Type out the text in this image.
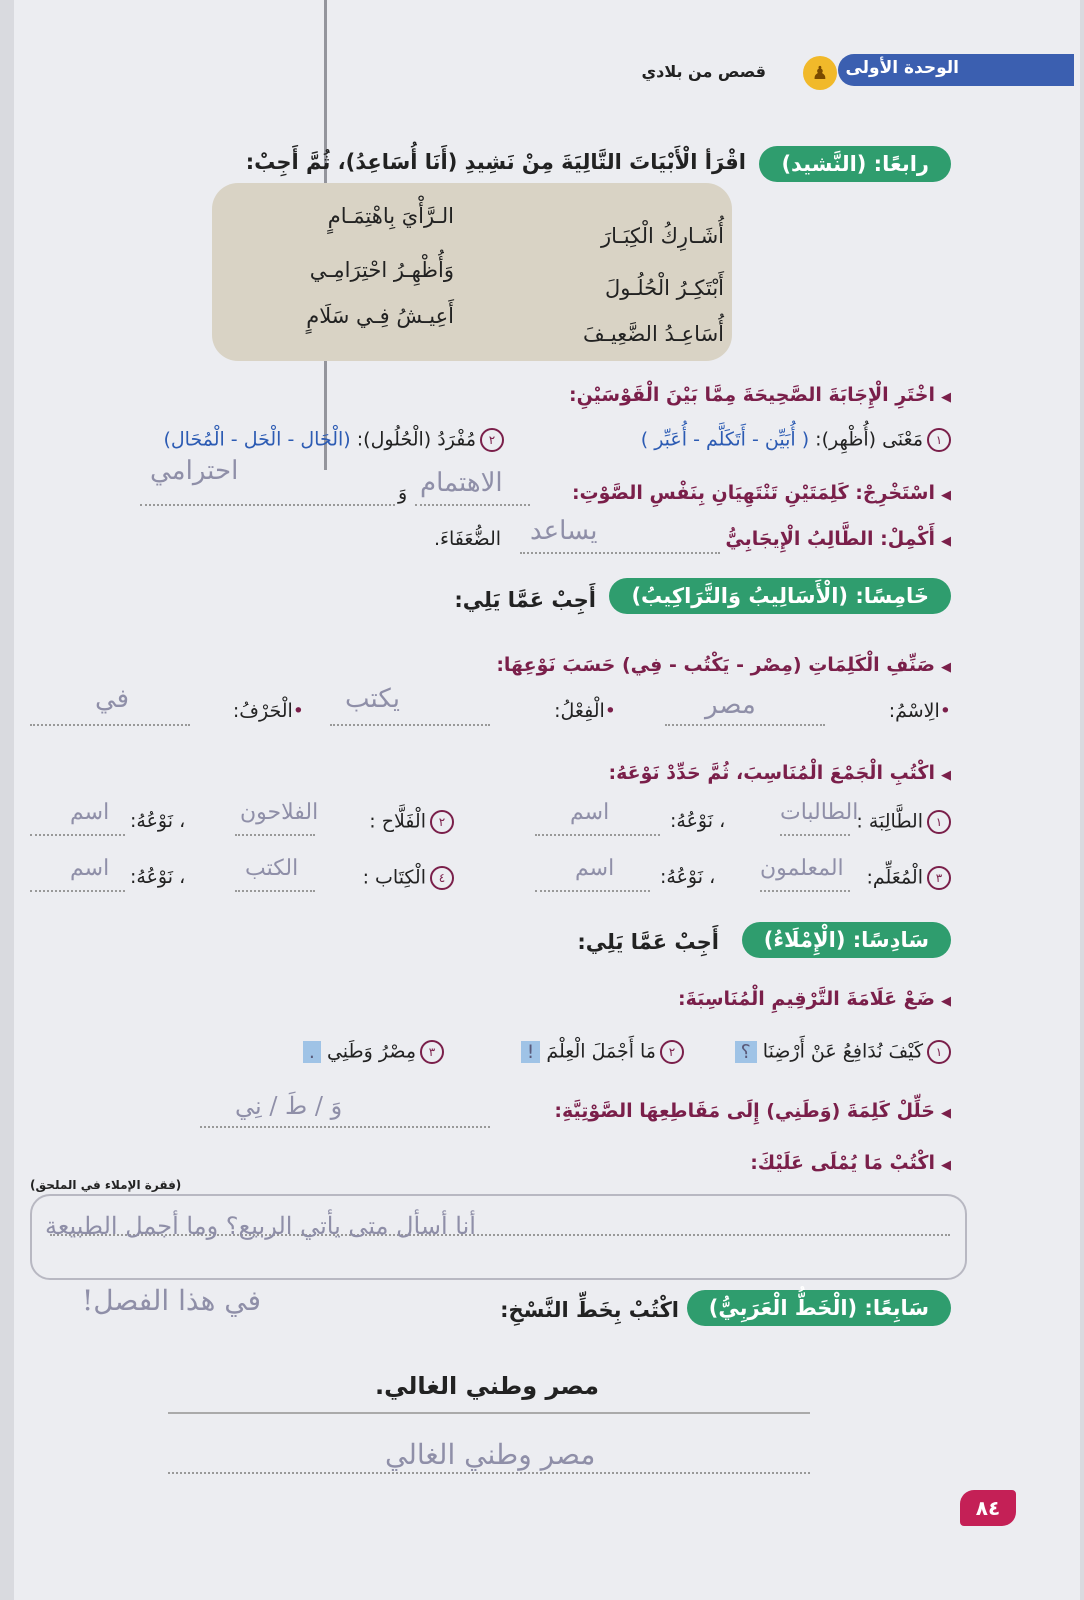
الوحدة الأولى
♟
قصص من بلادي
رابعًا: (النَّشيد)
اقْرَأ الْأَبْيَاتَ التَّالِيَةَ مِنْ نَشِيدِ (أَنَا أُسَاعِدُ)، ثُمَّ أَجِبْ:
أُشَـارِكُ الْكِبَـارَ
الـرَّأْيَ بِاهْتِمَـامٍ
أَبْتَكِـرُ الْحُلُـولَ
وَأُظْهِـرُ احْتِرَامِـي
أُسَاعِـدُ الضَّعِيـفَ
أَعِيـشُ فِـي سَلَامٍ
◀اخْتَرِ الْإِجَابَةَ الصَّحِيحَةَ مِمَّا بَيْنَ الْقَوْسَيْنِ:
١مَعْنَى (أُظْهِر): ( أُبَيِّن - أَتَكَلَّم - أُعَبِّر )
٢مُفْرَدُ (الْحُلُول): (الْحَال - الْحَل - الْمُحَال)
◀اسْتَخْرِجْ: كَلِمَتَيْنِ تَنْتَهِيَانِ بِنَفْسِ الصَّوْتِ:
وَ الاهتمام
احترامي
◀أَكْمِلْ: الطَّالِبُ الْإِيجَابِيُّ
الضُّعَفَاءَ. يساعد
خَامِسًا: (الْأَسَالِيبُ وَالتَّرَاكِيبُ)
أَجِبْ عَمَّا يَلِي:
◀صَنِّفِ الْكَلِمَاتِ (مِصْر - يَكْتُب - فِي) حَسَبَ نَوْعِهَا:
•الِاسْمُ:
مصر
•الْفِعْلُ:
يكتب
•الْحَرْفُ:
في
◀اكْتُبِ الْجَمْعَ الْمُنَاسِبَ، ثُمَّ حَدِّدْ نَوْعَهُ:
١الطَّالِبَة :
الطالبات
، نَوْعُهُ:
اسم
٢الْفَلَّاح :
الفلاحون
، نَوْعُهُ:
اسم
٣الْمُعَلِّم:
المعلمون
، نَوْعُهُ:
اسم
٤الْكِتَاب :
الكتب
، نَوْعُهُ:
اسم
سَادِسًا: (الْإِمْلَاءُ)
أَجِبْ عَمَّا يَلِي:
◀ضَعْ عَلَامَةَ التَّرْقِيمِ الْمُنَاسِبَةَ:
١كَيْفَ نُدَافِعُ عَنْ أَرْضِنَا ؟
٢مَا أَجْمَلَ الْعِلْمَ !
٣مِصْرُ وَطَنِي .
◀حَلِّلْ كَلِمَةَ (وَطَنِي) إِلَى مَقَاطِعِهَا الصَّوْتِيَّةِ:
وَ / طَ / نِي
◀اكْتُبْ مَا يُمْلَى عَلَيْكَ:
(فقرة الإملاء في الملحق)
أنا أسأل متى يأتي الربيع؟ وما أجمل الطبيعة
في هذا الفصل!	سَابِعًا: (الْخَطُّ الْعَرَبِيُّ)
اكْتُبْ بِخَطِّ النَّسْخِ:
مصر وطني الغالي.
مصر وطني الغالي
٨٤
